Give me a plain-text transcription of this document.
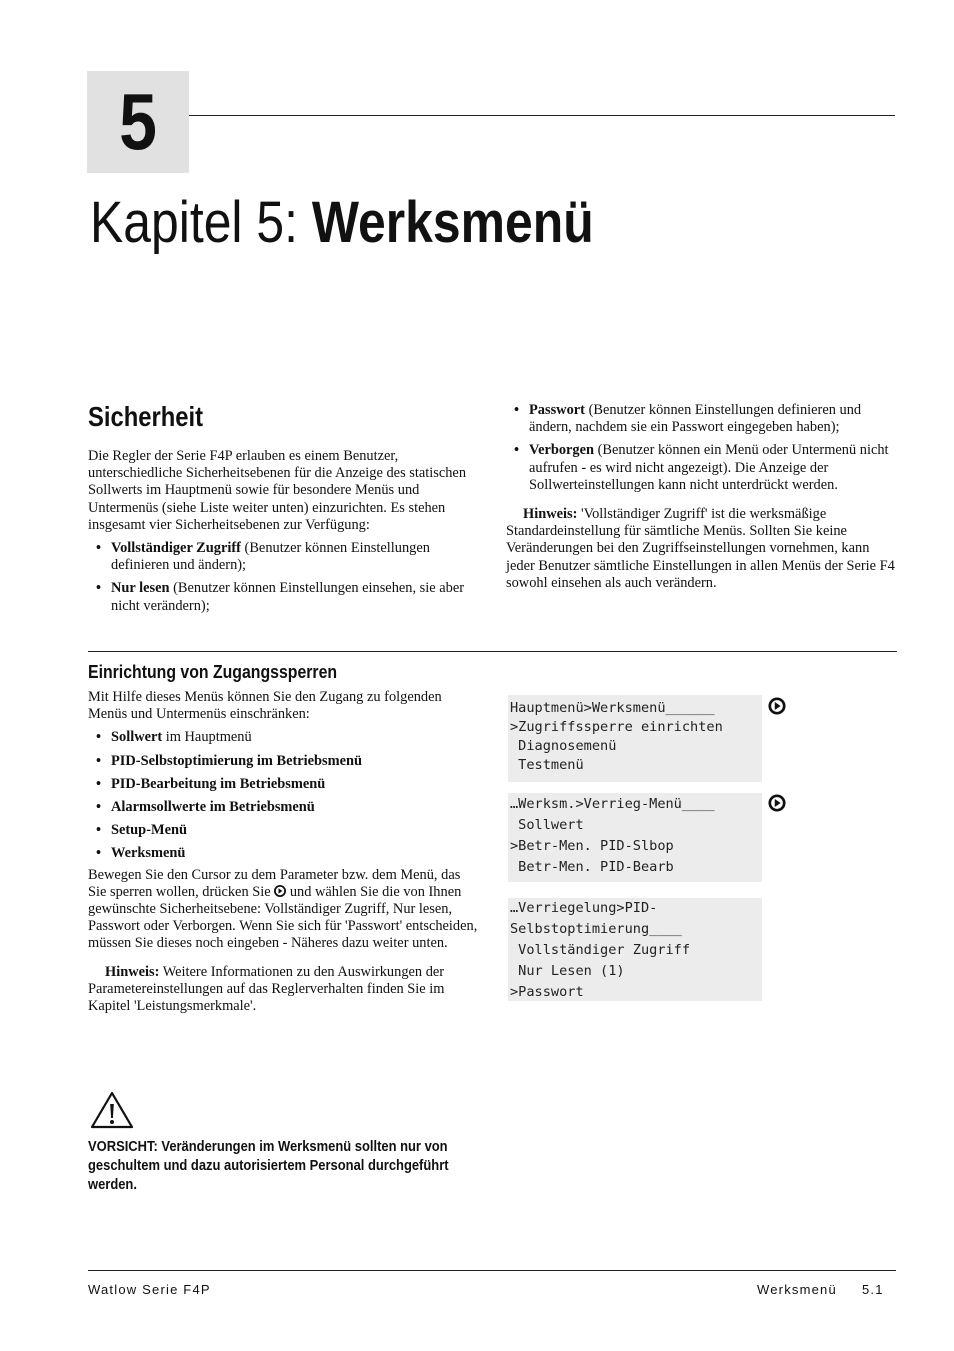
5
Kapitel 5: Werksmenü
Sicherheit

Die Regler der Serie F4P erlauben es einem Benutzer, unterschiedliche Sicherheitsebenen für die Anzeige des statischen Sollwerts im Hauptmenü sowie für besondere Menüs und Untermenüs (siehe Liste weiter unten) einzurichten. Es stehen insgesamt vier Sicherheitsebenen zur Verfügung:

• Vollständiger Zugriff (Benutzer können Einstellungen definieren und ändern);
• Nur lesen (Benutzer können Einstellungen einsehen, sie aber nicht verändern);
• Passwort (Benutzer können Einstellungen definieren und ändern, nachdem sie ein Passwort eingegeben haben);
• Verborgen (Benutzer können ein Menü oder Untermenü nicht aufrufen - es wird nicht angezeigt). Die Anzeige der Sollwerteinstellungen kann nicht unterdrückt werden.

Hinweis: 'Vollständiger Zugriff' ist die werksmäßige Standardeinstellung für sämtliche Menüs. Sollten Sie keine Veränderungen bei den Zugriffseinstellungen vornehmen, kann jeder Benutzer sämtliche Einstellungen in allen Menüs der Serie F4 sowohl einsehen als auch verändern.

Einrichtung von Zugangssperren

Mit Hilfe dieses Menüs können Sie den Zugang zu folgenden Menüs und Untermenüs einschränken:

• Sollwert im Hauptmenü
• PID-Selbstoptimierung im Betriebsmenü
• PID-Bearbeitung im Betriebsmenü
• Alarmsollwerte im Betriebsmenü
• Setup-Menü
• Werksmenü

Bewegen Sie den Cursor zu dem Parameter bzw. dem Menü, das Sie sperren wollen, drücken Sie  und wählen Sie die von Ihnen gewünschte Sicherheitsebene: Vollständiger Zugriff, Nur lesen, Passwort oder Verborgen. Wenn Sie sich für 'Passwort' entscheiden, müssen Sie dieses noch eingeben - Näheres dazu weiter unten.

Hinweis: Weitere Informationen zu den Auswirkungen der Parametereinstellungen auf das Reglerverhalten finden Sie im Kapitel 'Leistungsmerkmale'.

Hauptmenü>Werksmenü______
>Zugriffssperre einrichten
Diagnosemenü
Testmenü
…Werksm.>Verrieg-Menü____
Sollwert
>Betr-Men. PID-Slbop
Betr-Men. PID-Bearb
…Verriegelung>PID-
Selbstoptimierung____
Vollständiger Zugriff
Nur Lesen (1)
>Passwort
VORSICHT: Veränderungen im Werksmenü sollten nur von geschultem und dazu autorisiertem Personal durchgeführt werden.
Watlow Serie F4P	Werksmenü 5.1
